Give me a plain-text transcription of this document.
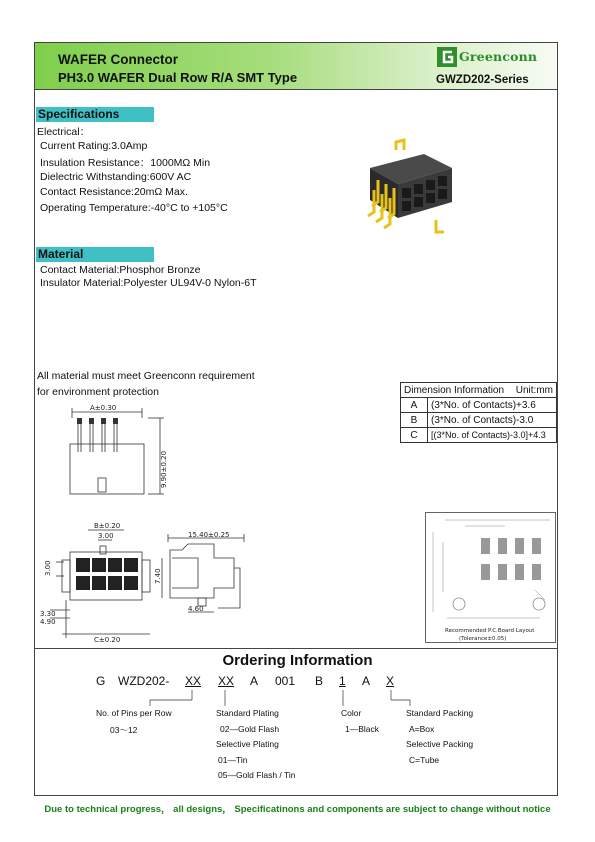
WAFER Connector
PH3.0 WAFER Dual Row R/A SMT Type
Greenconn
GWZD202-Series
Specifications
Electrical：
Current Rating:3.0Amp
Insulation Resistance：1000MΩ Min
Dielectric Withstanding:600V AC
Contact Resistance:20mΩ Max.
Operating Temperature:-40°C to +105°C
Material
Contact Material:Phosphor Bronze
Insulator Material:Polyester UL94V-0 Nylon-6T
All material must meet Greenconn requirement
for environment protection	Dimension Information Unit:mm	

A	(3*No. of Contacts)+3.6
B	(3*No. of Contacts)-3.0
C	[(3*No. of Contacts)-3.0]+4.3
A±0.30
9.90±0.20
B±0.20
3.00
3.00
3.30
4.90
C±0.20
15.40±0.25
7.40
4.60
Recommended P.C.Board Layout
(Tolerance±0.05)
Ordering Information
G WZD202- XX XX A 001 B 1 A X
No. of Pins per Row
03～12
Standard Plating
02—Gold Flash
Selective Plating
01—Tin
05—Gold Flash / Tin
Color
1—Black
Standard Packing
A=Box
Selective Packing
C=Tube
Due to technical progress， all designs， Specificatinons and components are subject to change without notice
